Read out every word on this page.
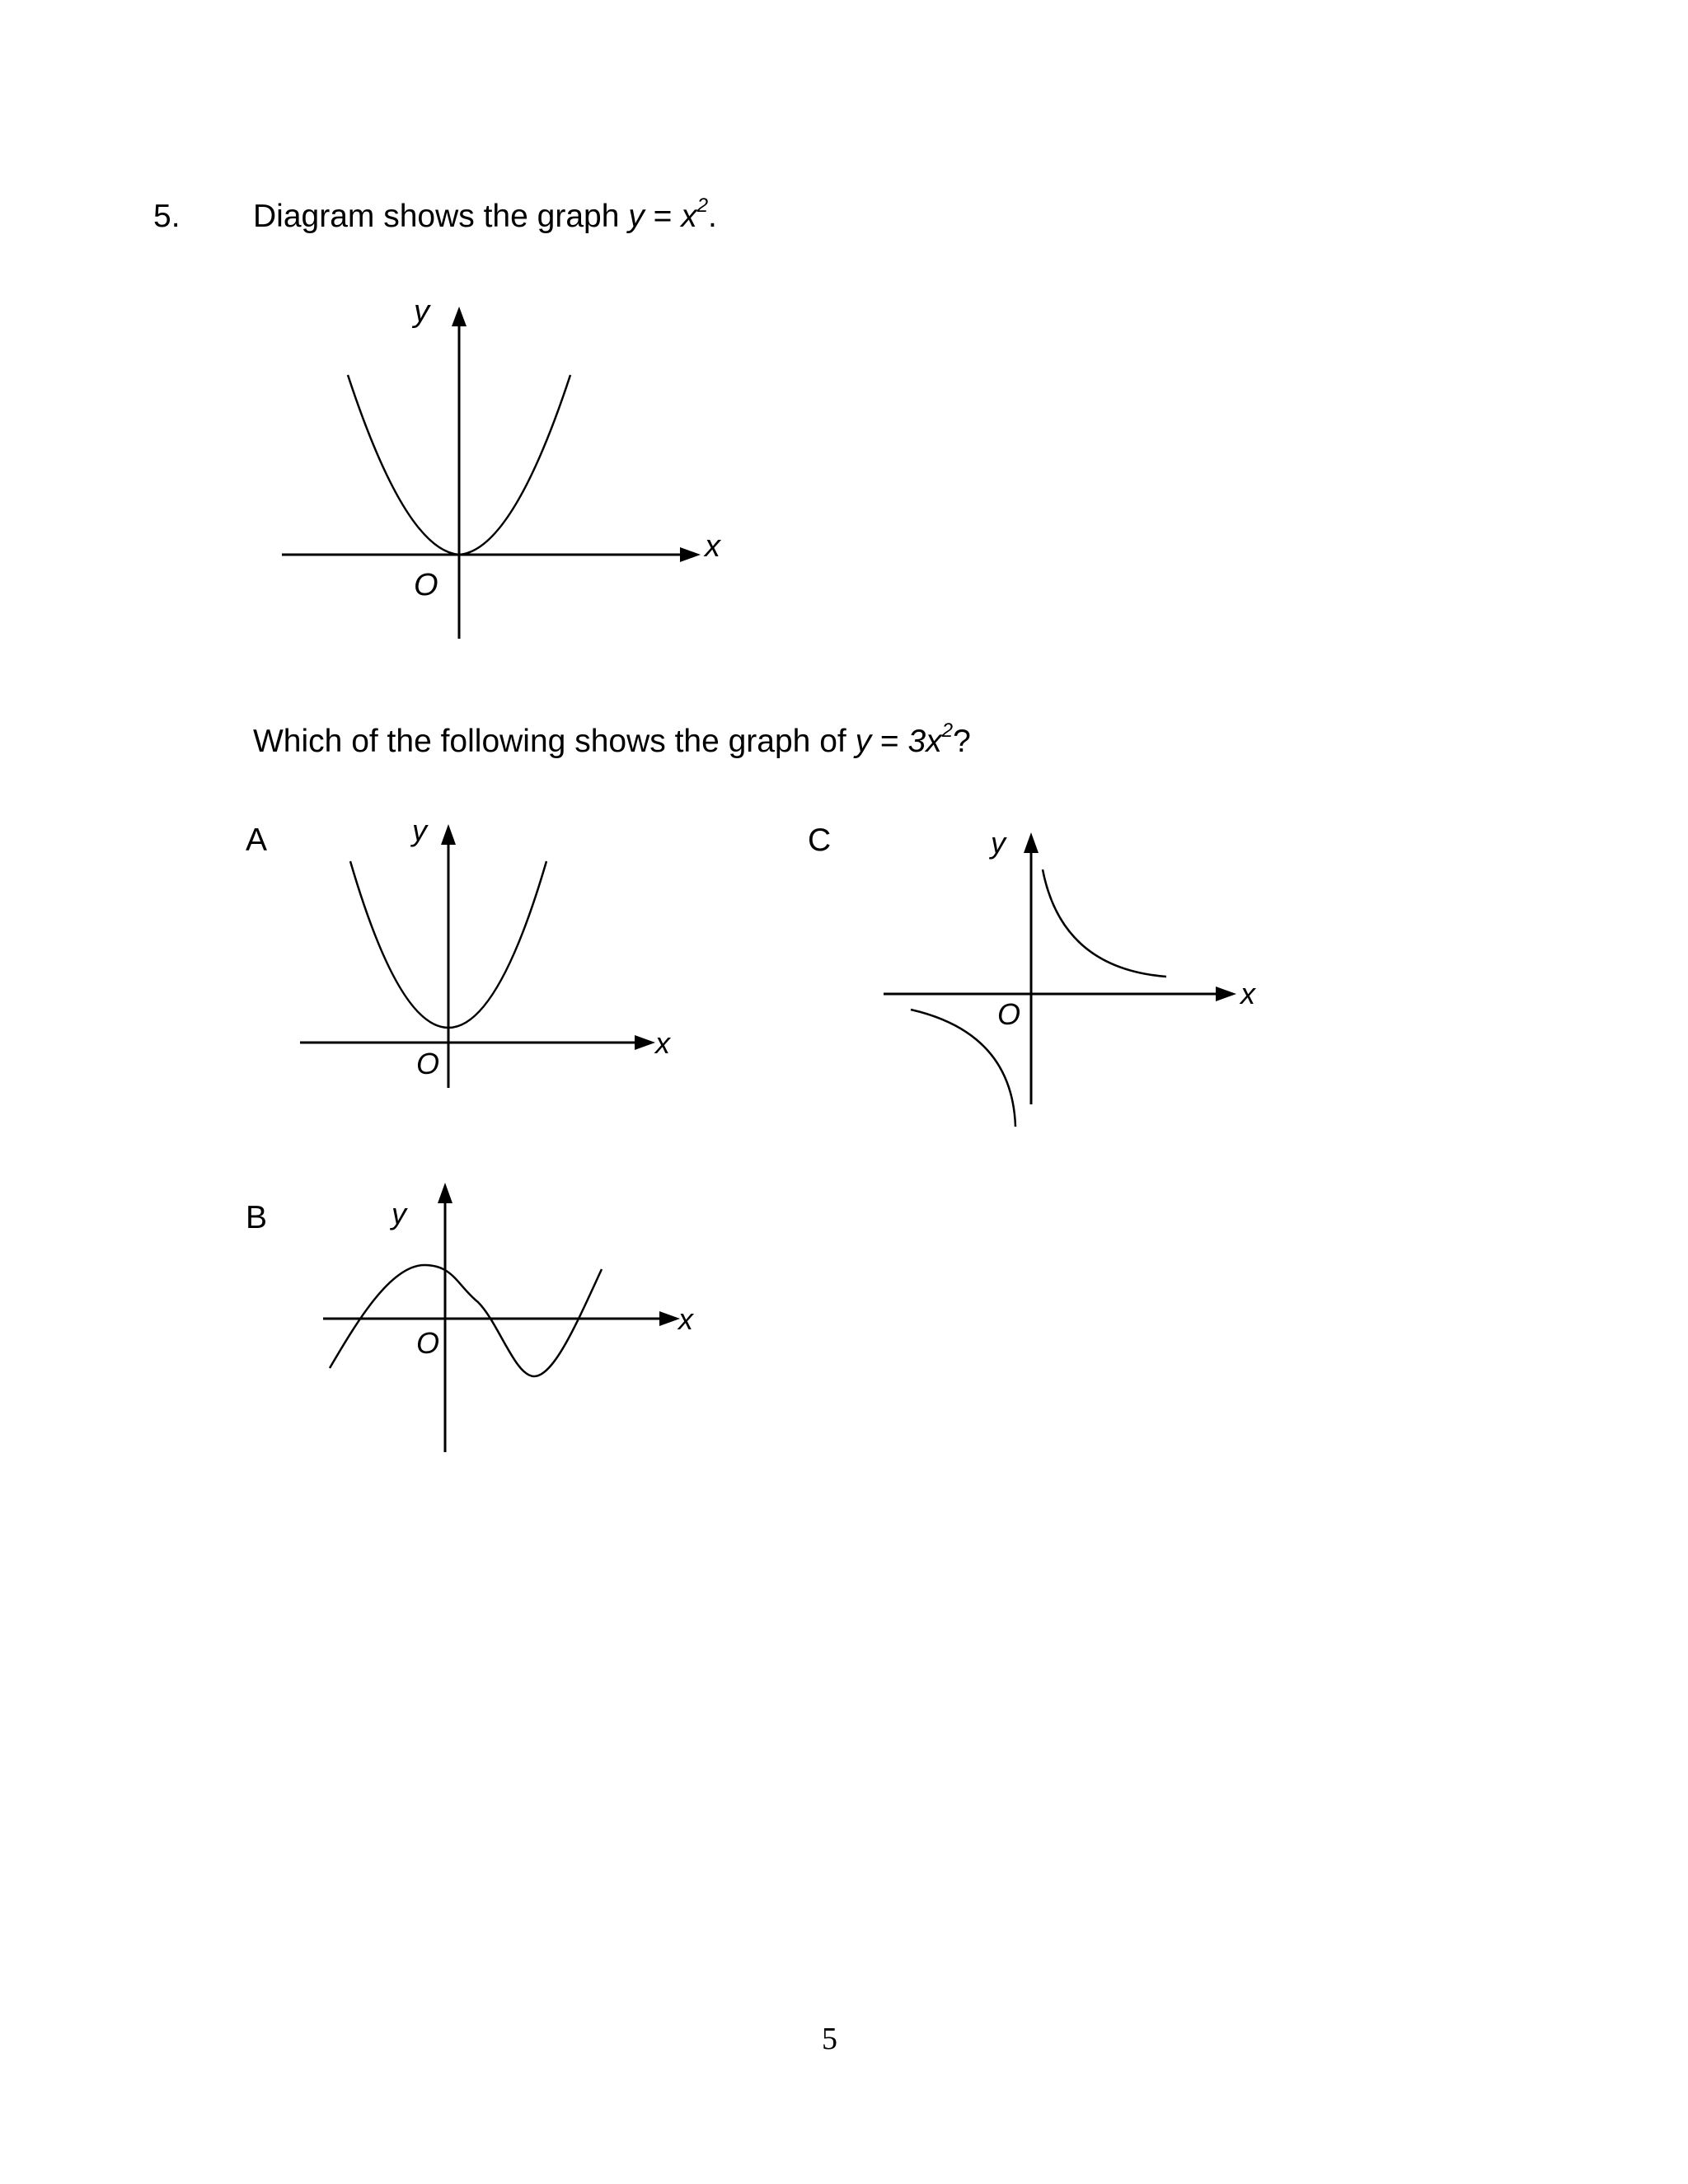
5. Diagram shows the graph $y = x^2$.
x
y
O
Which of the following shows the graph of $y = 3x^2$?
A
x
y
O
C
x
y
O
B
x
y
O
5
